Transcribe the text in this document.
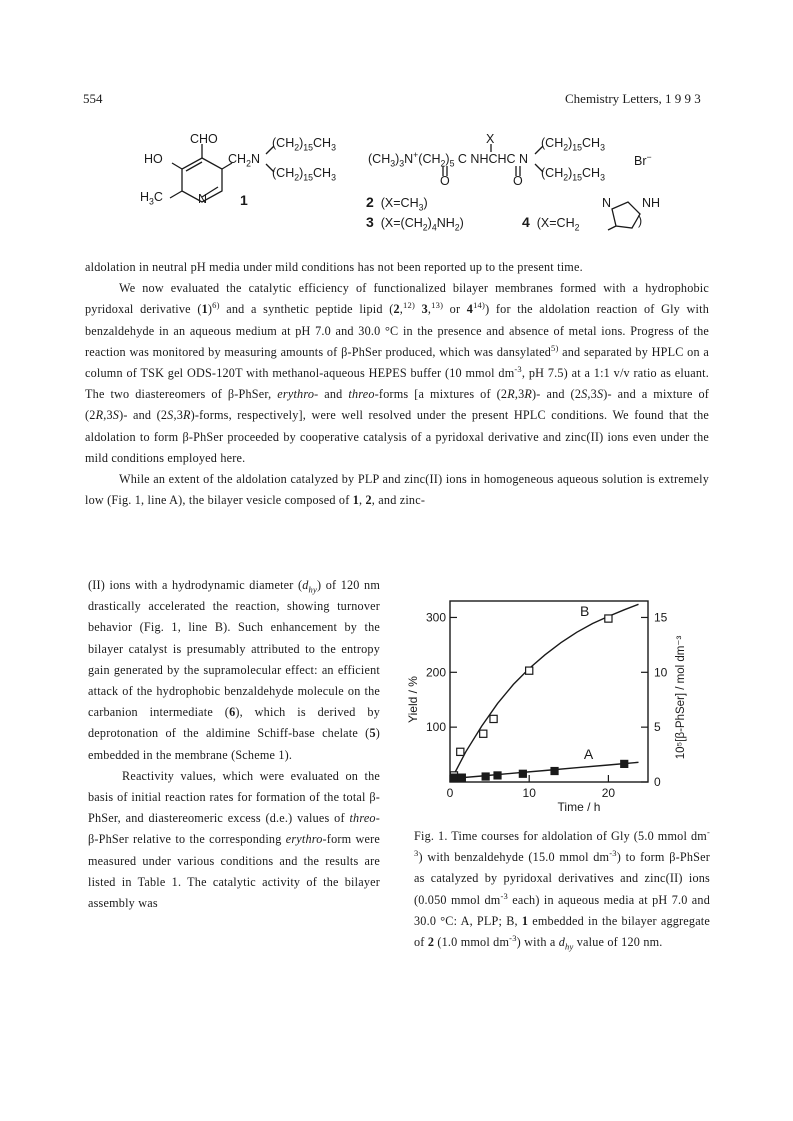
554	Chemistry Letters, 1 9 9 3
CHO
HO	$CH_2N$
$(CH_2)_{15}CH_3$
$(CH_2)_{15}CH_3$
$H_3C$	N 1
X
$(CH_3)_3N^+(CH_2)_5$ C NHCHC N
$(CH_2)_{15}CH_3$
$(CH_2)_{15}CH_3$
O	O
Br−
2 $(X=CH_3)$
3 $(X=(CH_2)_4NH_2)$	4 ($X=CH_2$
N NH
)

aldolation in neutral pH media under mild conditions has not been reported up to the present time.

We now evaluated the catalytic efficiency of functionalized bilayer membranes formed with a hydrophobic pyridoxal derivative $(1)^{6)}$ and a synthetic peptide lipid (2,$^{12)}$ 3,$^{13)}$ or 4$^{14)}$) for the aldolation reaction of Gly with benzaldehyde in an aqueous medium at pH 7.0 and 30.0 °C in the presence and absence of metal ions. Progress of the reaction was monitored by measuring amounts of β-PhSer produced, which was dansylated$^{5)}$ and separated by HPLC on a column of TSK gel ODS-120T with methanol-aqueous HEPES buffer (10 mmol $dm^{-3}$, pH 7.5) at a 1:1 v/v ratio as eluant. The two diastereomers of β-PhSer, erythro- and threo-forms [a mixtures of (2R,3R)- and (2S,3S)- and a mixture of (2R,3S)- and (2S,3R)-forms, respectively], were well resolved under the present HPLC conditions. We found that the aldolation to form β-PhSer proceeded by cooperative catalysis of a pyridoxal derivative and zinc(II) ions even under the mild conditions employed here.

While an extent of the aldolation catalyzed by PLP and zinc(II) ions in homogeneous aqueous solution is extremely low (Fig. 1, line A), the bilayer vesicle composed of 1, 2, and zinc-

(II) ions with a hydrodynamic diameter $(d_{hy})$ of 120 nm drastically accelerated the reaction, showing turnover behavior (Fig. 1, line B). Such enhancement by the bilayer catalyst is presumably attributed to the entropy gain generated by the supramolecular effect: an efficient attack of the hydrophobic benzaldehyde molecule on the carbanion intermediate (6), which is derived by deprotonation of the aldimine Schiff-base chelate (5) embedded in the membrane (Scheme 1).

Reactivity values, which were evaluated on the basis of initial reaction rates for formation of the total β-PhSer, and diastereomeric excess (d.e.) values of threo-β-PhSer relative to the corresponding erythro-form were measured under various conditions and the results are listed in Table 1. The catalytic activity of the bilayer assembly was

0	10	20
100
200
300
0
5
10
15
Time / h
Yield / %	10⁵[β-PhSer] / mol dm⁻³
B
A
Fig. 1. Time courses for aldolation of Gly (5.0 mmol $dm^{-3}$) with benzaldehyde (15.0 mmol $dm^{-3}$) to form β-PhSer as catalyzed by pyridoxal derivatives and zinc(II) ions (0.050 mmol $dm^{-3}$ each) in aqueous media at pH 7.0 and 30.0 °C: A, PLP; B, 1 embedded in the bilayer aggregate of 2 (1.0 mmol $dm^{-3}$) with a $d_{hy}$ value of 120 nm.
